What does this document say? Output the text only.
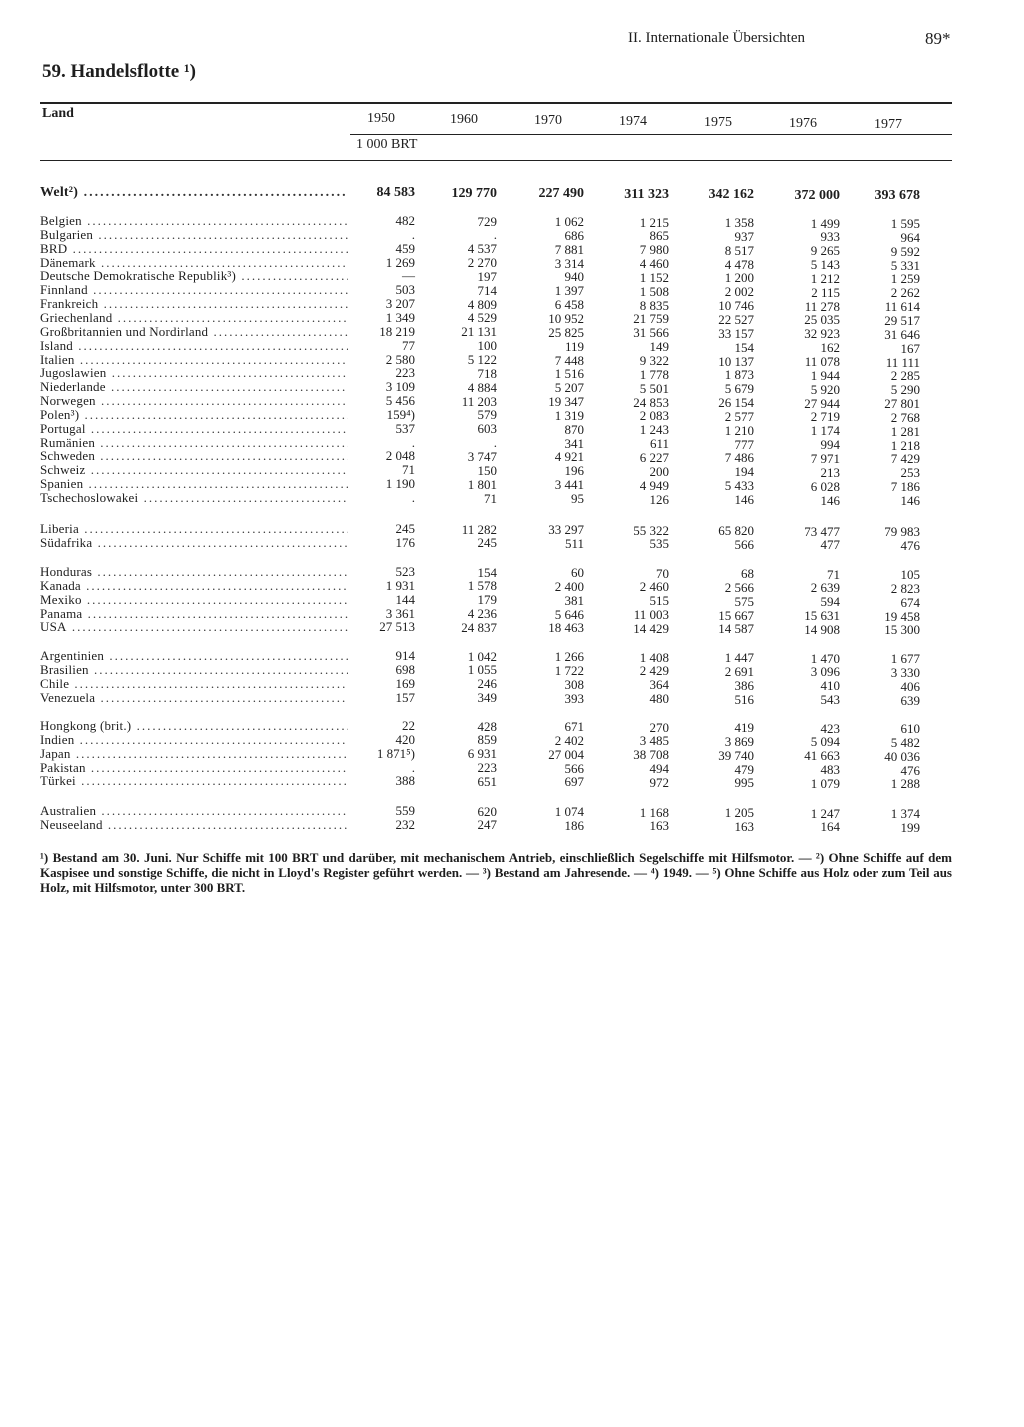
II. Internationale Übersichten	89*
59. Handelsflotte ¹)
Land	1950	1960	1970	1974	1975	1976	1977
1 000 BRT
Welt²) .....	84 583	129 770	227 490	311 323	342 162	372 000	393 678
Belgien .....	482	729	1 062	1 215	1 358	1 499	1 595
Bulgarien .....	.	.	686	865	937	933	964
BRD .....	459	4 537	7 881	7 980	8 517	9 265	9 592
Dänemark .....	1 269	2 270	3 314	4 460	4 478	5 143	5 331
Deutsche Demokratische Republik³) .....	—	197	940	1 152	1 200	1 212	1 259
Finnland .....	503	714	1 397	1 508	2 002	2 115	2 262
Frankreich .....	3 207	4 809	6 458	8 835	10 746	11 278	11 614
Griechenland .....	1 349	4 529	10 952	21 759	22 527	25 035	29 517
Großbritannien und Nordirland .....	18 219	21 131	25 825	31 566	33 157	32 923	31 646
Island .....	77	100	119	149	154	162	167
Italien .....	2 580	5 122	7 448	9 322	10 137	11 078	11 111
Jugoslawien .....	223	718	1 516	1 778	1 873	1 944	2 285
Niederlande .....	3 109	4 884	5 207	5 501	5 679	5 920	5 290
Norwegen .....	5 456	11 203	19 347	24 853	26 154	27 944	27 801
Polen³) .....	159⁴)	579	1 319	2 083	2 577	2 719	2 768
Portugal .....	537	603	870	1 243	1 210	1 174	1 281
Rumänien .....	.	.	341	611	777	994	1 218
Schweden .....	2 048	3 747	4 921	6 227	7 486	7 971	7 429
Schweiz .....	71	150	196	200	194	213	253
Spanien .....	1 190	1 801	3 441	4 949	5 433	6 028	7 186
Tschechoslowakei .....	.	71	95	126	146	146	146
Liberia .....	245	11 282	33 297	55 322	65 820	73 477	79 983
Südafrika .....	176	245	511	535	566	477	476
Honduras .....	523	154	60	70	68	71	105
Kanada .....	1 931	1 578	2 400	2 460	2 566	2 639	2 823
Mexiko .....	144	179	381	515	575	594	674
Panama .....	3 361	4 236	5 646	11 003	15 667	15 631	19 458
USA .....	27 513	24 837	18 463	14 429	14 587	14 908	15 300
Argentinien .....	914	1 042	1 266	1 408	1 447	1 470	1 677
Brasilien .....	698	1 055	1 722	2 429	2 691	3 096	3 330
Chile .....	169	246	308	364	386	410	406
Venezuela .....	157	349	393	480	516	543	639
Hongkong (brit.) .....	22	428	671	270	419	423	610
Indien .....	420	859	2 402	3 485	3 869	5 094	5 482
Japan .....	1 871⁵)	6 931	27 004	38 708	39 740	41 663	40 036
Pakistan .....	.	223	566	494	479	483	476
Türkei .....	388	651	697	972	995	1 079	1 288
Australien .....	559	620	1 074	1 168	1 205	1 247	1 374
Neuseeland .....	232	247	186	163	163	164	199

¹) Bestand am 30. Juni. Nur Schiffe mit 100 BRT und darüber, mit mechanischem Antrieb, einschließlich Segelschiffe mit Hilfsmotor. — ²) Ohne Schiffe auf dem Kaspisee und sonstige Schiffe, die nicht in Lloyd's Register geführt werden. — ³) Bestand am Jahresende. — ⁴) 1949. — ⁵) Ohne Schiffe aus Holz oder zum Teil aus Holz, mit Hilfsmotor, unter 300 BRT.
